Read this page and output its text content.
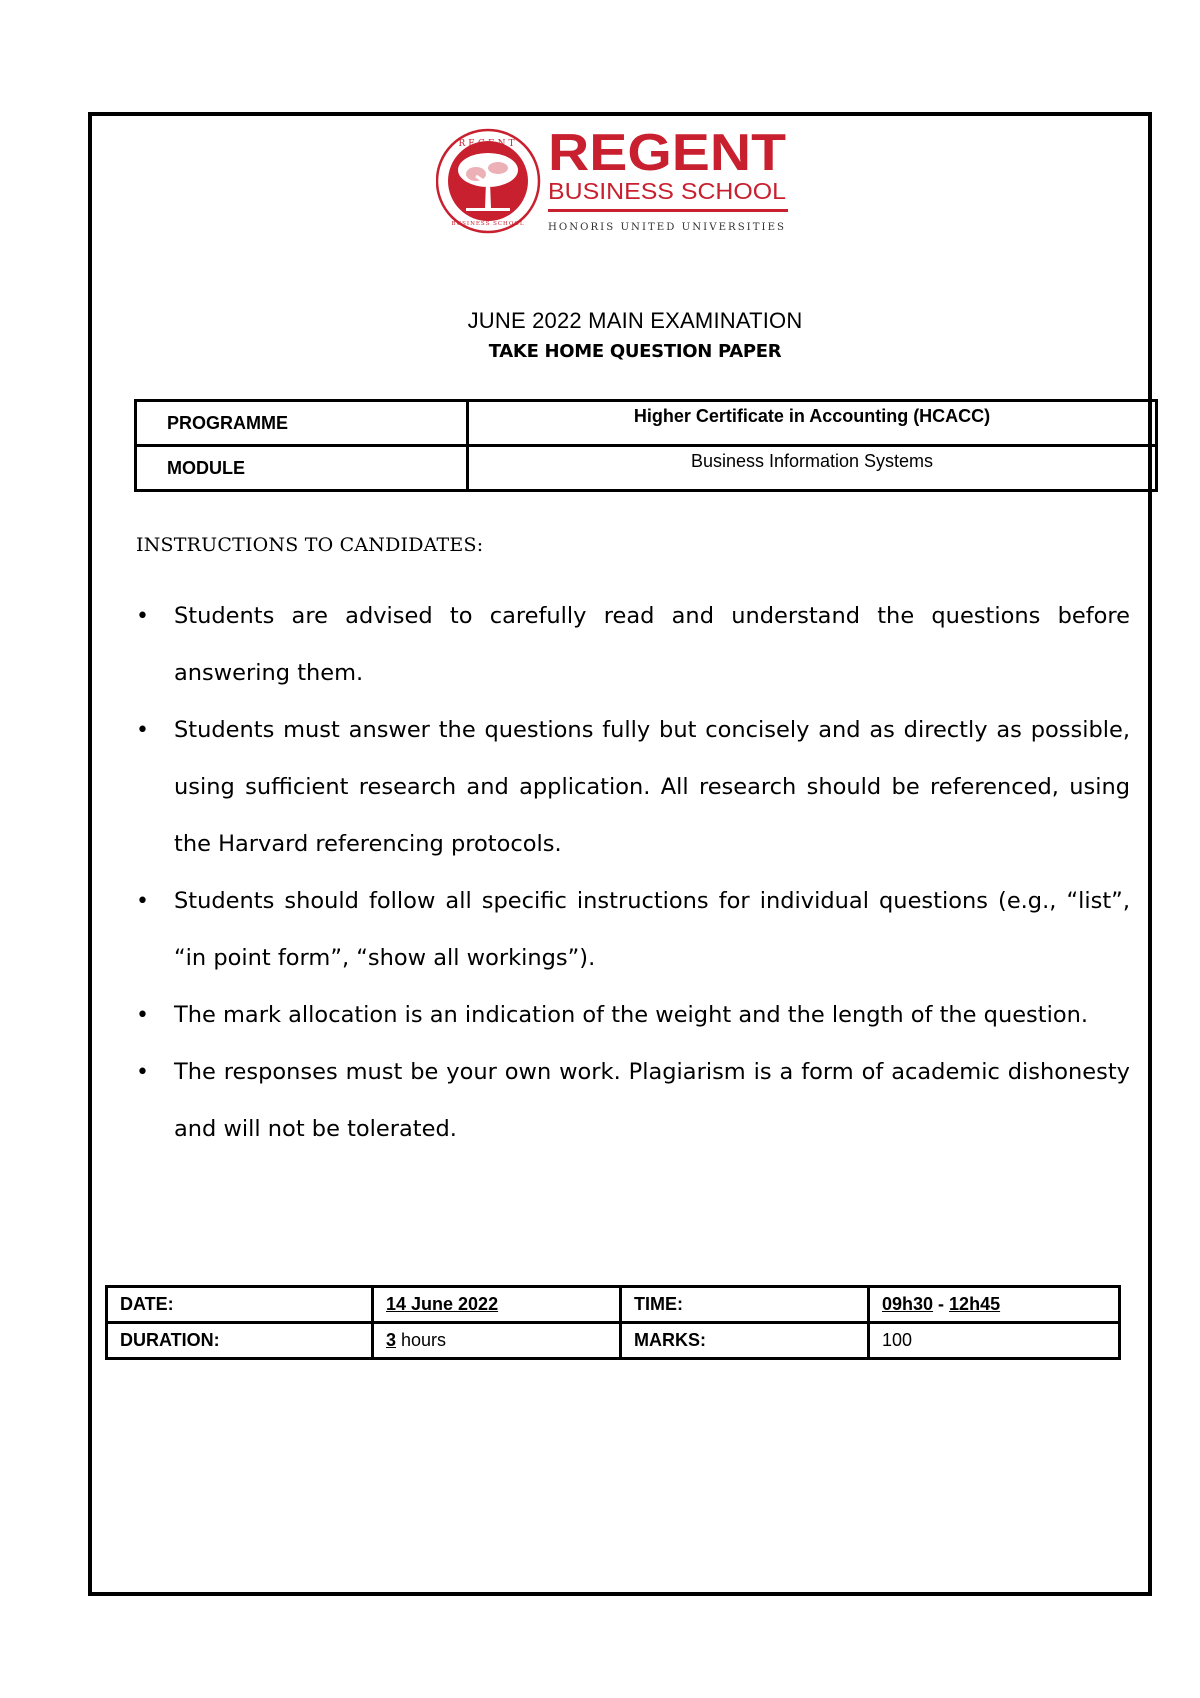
REGENT
BUSINESS SCHOOL
REGENT
BUSINESS SCHOOL
HONORIS UNITED UNIVERSITIES
JUNE 2022 MAIN EXAMINATION
TAKE HOME QUESTION PAPER
PROGRAMME	Higher Certificate in Accounting (HCACC)
MODULE	Business Information Systems
INSTRUCTIONS TO CANDIDATES:
• Students are advised to carefully read and understand the questions before answering them.
• Students must answer the questions fully but concisely and as directly as possible, using sufficient research and application. All research should be referenced, using the Harvard referencing protocols.
• Students should follow all specific instructions for individual questions (e.g., “list”, “in point form”, “show all workings”).
• The mark allocation is an indication of the weight and the length of the question.
• The responses must be your own work. Plagiarism is a form of academic dishonesty and will not be tolerated.
DATE:	14 June 2022	TIME:	09h30 - 12h45
DURATION:	3 hours	MARKS:	100
